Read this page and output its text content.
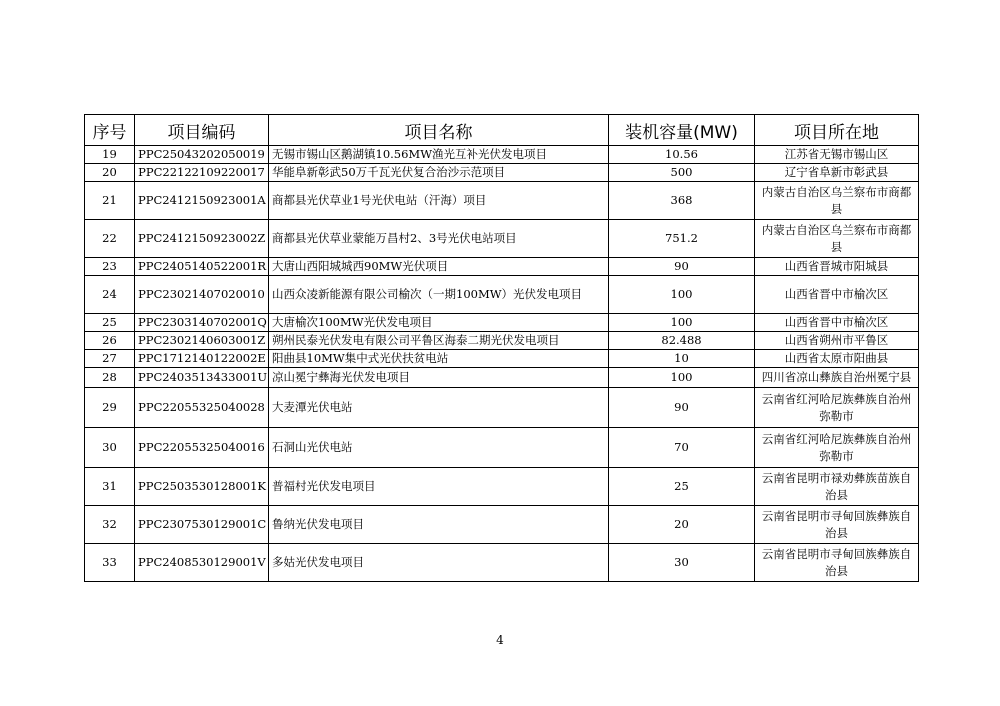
序号	项目编码	项目名称	装机容量(MW)	项目所在地
19	PPC25043202050019	无锡市锡山区鹅湖镇10.56MW渔光互补光伏发电项目	10.56	江苏省无锡市锡山区
20	PPC22122109220017	华能阜新彰武50万千瓦光伏复合治沙示范项目	500	辽宁省阜新市彰武县
21	PPC2412150923001A	商都县光伏草业1号光伏电站（汗海）项目	368	内蒙古自治区乌兰察布市商都县
22	PPC2412150923002Z	商都县光伏草业蒙能万昌村2、3号光伏电站项目	751.2	内蒙古自治区乌兰察布市商都县
23	PPC2405140522001R	大唐山西阳城城西90MW光伏项目	90	山西省晋城市阳城县
24	PPC23021407020010	山西众凌新能源有限公司榆次（一期100MW）光伏发电项目	100	山西省晋中市榆次区
25	PPC2303140702001Q	大唐榆次100MW光伏发电项目	100	山西省晋中市榆次区
26	PPC2302140603001Z	朔州民泰光伏发电有限公司平鲁区海泰二期光伏发电项目	82.488	山西省朔州市平鲁区
27	PPC1712140122002E	阳曲县10MW集中式光伏扶贫电站	10	山西省太原市阳曲县
28	PPC2403513433001U	凉山冕宁彝海光伏发电项目	100	四川省凉山彝族自治州冕宁县
29	PPC22055325040028	大麦潭光伏电站	90	云南省红河哈尼族彝族自治州弥勒市
30	PPC22055325040016	石洞山光伏电站	70	云南省红河哈尼族彝族自治州弥勒市
31	PPC2503530128001K	普福村光伏发电项目	25	云南省昆明市禄劝彝族苗族自治县
32	PPC2307530129001C	鲁纳光伏发电项目	20	云南省昆明市寻甸回族彝族自治县
33	PPC2408530129001V	多姑光伏发电项目	30	云南省昆明市寻甸回族彝族自治县
4
